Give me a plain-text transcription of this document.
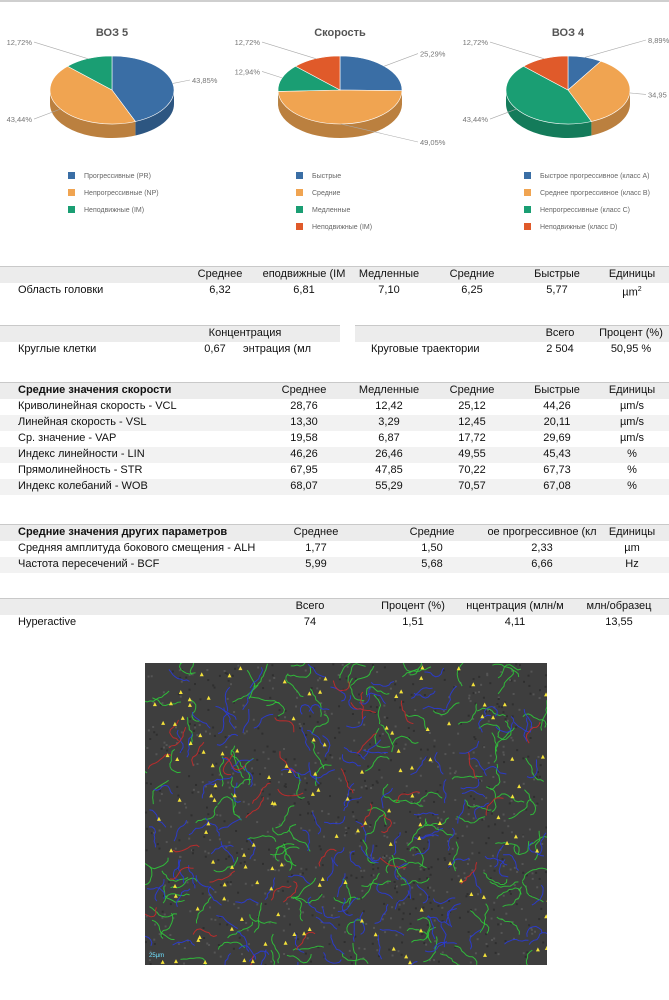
ВОЗ 5
43,85%
43,44%
12,72%
Прогрессивные (PR)
Непрогрессивные (NP)
Неподвижные (IM)
Скорость
25,29%
49,05%
12,94%
12,72%
Быстрые
Средние
Медленные
Неподвижные (IM)
ВОЗ 4
8,89%
34,95
43,44%
12,72%
Быстрое прогрессивное (класс A)
Среднее прогрессивное (класс B)
Непрогрессивные (класс C)
Неподвижные (класс D)
Среднее	еподвижные (IM	Медленные	Средние	Быстрые	Единицы
Область головки	6,32	6,81	7,10	6,25	5,77	µm$^2$
Концентрация
Круглые клетки	0,67	энтрация (мл
Всего	Процент (%)
Круговые траектории	2 504	50,95 %
Средние значения скорости	Среднее	Медленные	Средние	Быстрые	Единицы
Криволинейная скорость - VCL	28,76	12,42	25,12	44,26	µm/s
Линейная скорость - VSL	13,30	3,29	12,45	20,11	µm/s
Ср. значение - VAP	19,58	6,87	17,72	29,69	µm/s
Индекс линейности - LIN	46,26	26,46	49,55	45,43	%
Прямолинейность - STR	67,95	47,85	70,22	67,73	%
Индекс колебаний - WOB	68,07	55,29	70,57	67,08	%
Средние значения других параметров	Среднее	Средние	ое прогрессивное (кл	Единицы
Средняя амплитуда бокового смещения - ALH	1,77	1,50	2,33	µm
Частота пересечений - BCF	5,99	5,68	6,66	Hz
Всего	Процент (%)	нцентрация (млн/м	млн/образец
Hyperactive	74	1,51	4,11	13,55
25µm
